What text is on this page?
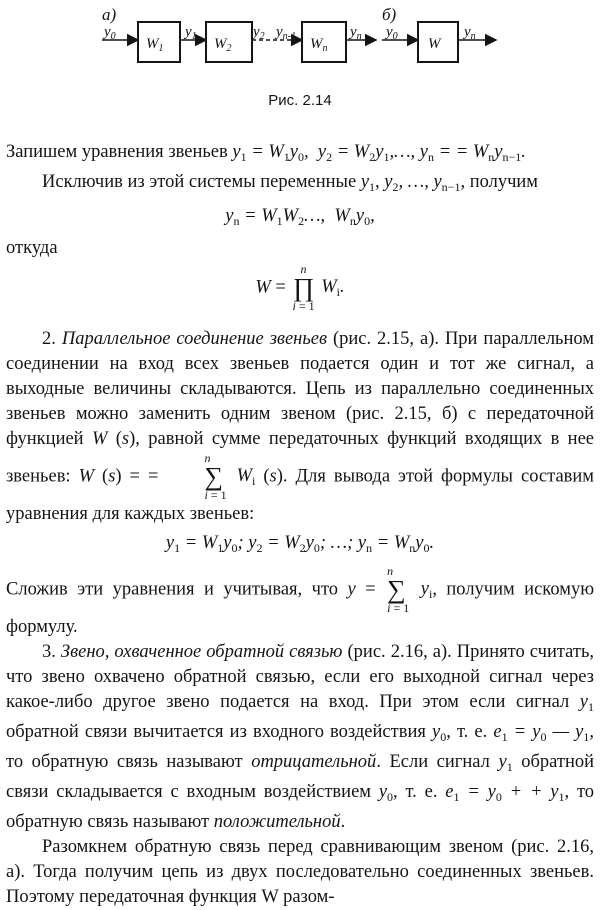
a)
$y_0$ $W_1$
$y_1$ $W_2$
$y_2$ $y_{n-1}$ $W_n$
$y_n$
б)
$y_0$ W
$y_n$
Рис. 2.14

Запишем уравнения звеньев $y_1 = W_1y_0$,  $y_2$ = $W_2y_1,\dots$, $y_n$ = = $W_ny_{n-1}$.

Исключив из этой системы переменные $y_1$, $y_2$, …, $y_{n-1}$, получим

$y_n$ = $W_1W_2\dots$,  $W_ny_0$,

откуда

W =
n
∏
i = 1
$W_i$.

2. Параллельное соединение звеньев (рис. 2.15, а). При параллельном соединении на вход всех звеньев подается один и тот же сигнал, а выходные величины складываются. Цепь из параллельно соединенных звеньев можно заменить одним звеном (рис. 2.15, б) с передаточной функцией W (s), равной сумме передаточных функций входящих в нее звеньев: W (s) = =
n
∑
i = 1
$W_i$ (s). Для вывода этой формулы составим уравнения для каждых звеньев:

$y_1 = W_1y_0$; $y_2 = W_2y_0$; …; $y_n = W_ny_0$.

Сложив эти уравнения и учитывая, что y =
n
∑
i = 1
$y_i$, получим искомую формулу.

3. Звено, охваченное обратной связью (рис. 2.16, а). Принято считать, что звено охвачено обратной связью, если его выходной сигнал через какое-либо другое звено подается на вход. При этом если сигнал $y_1$ обратной связи вычитается из входного воздействия $y_0$, т. е. $e_1 = y_0$ — $y_1$, то обратную связь называют отрицательной. Если сигнал $y_1$ обратной связи складывается с входным воздействием $y_0$, т. е. $e_1 = y_0$ + + $y_1$, то обратную связь называют положительной.

Разомкнем обратную связь перед сравнивающим звеном (рис. 2.16, а). Тогда получим цепь из двух последовательно соединенных звеньев. Поэтому передаточная функция W разом-
